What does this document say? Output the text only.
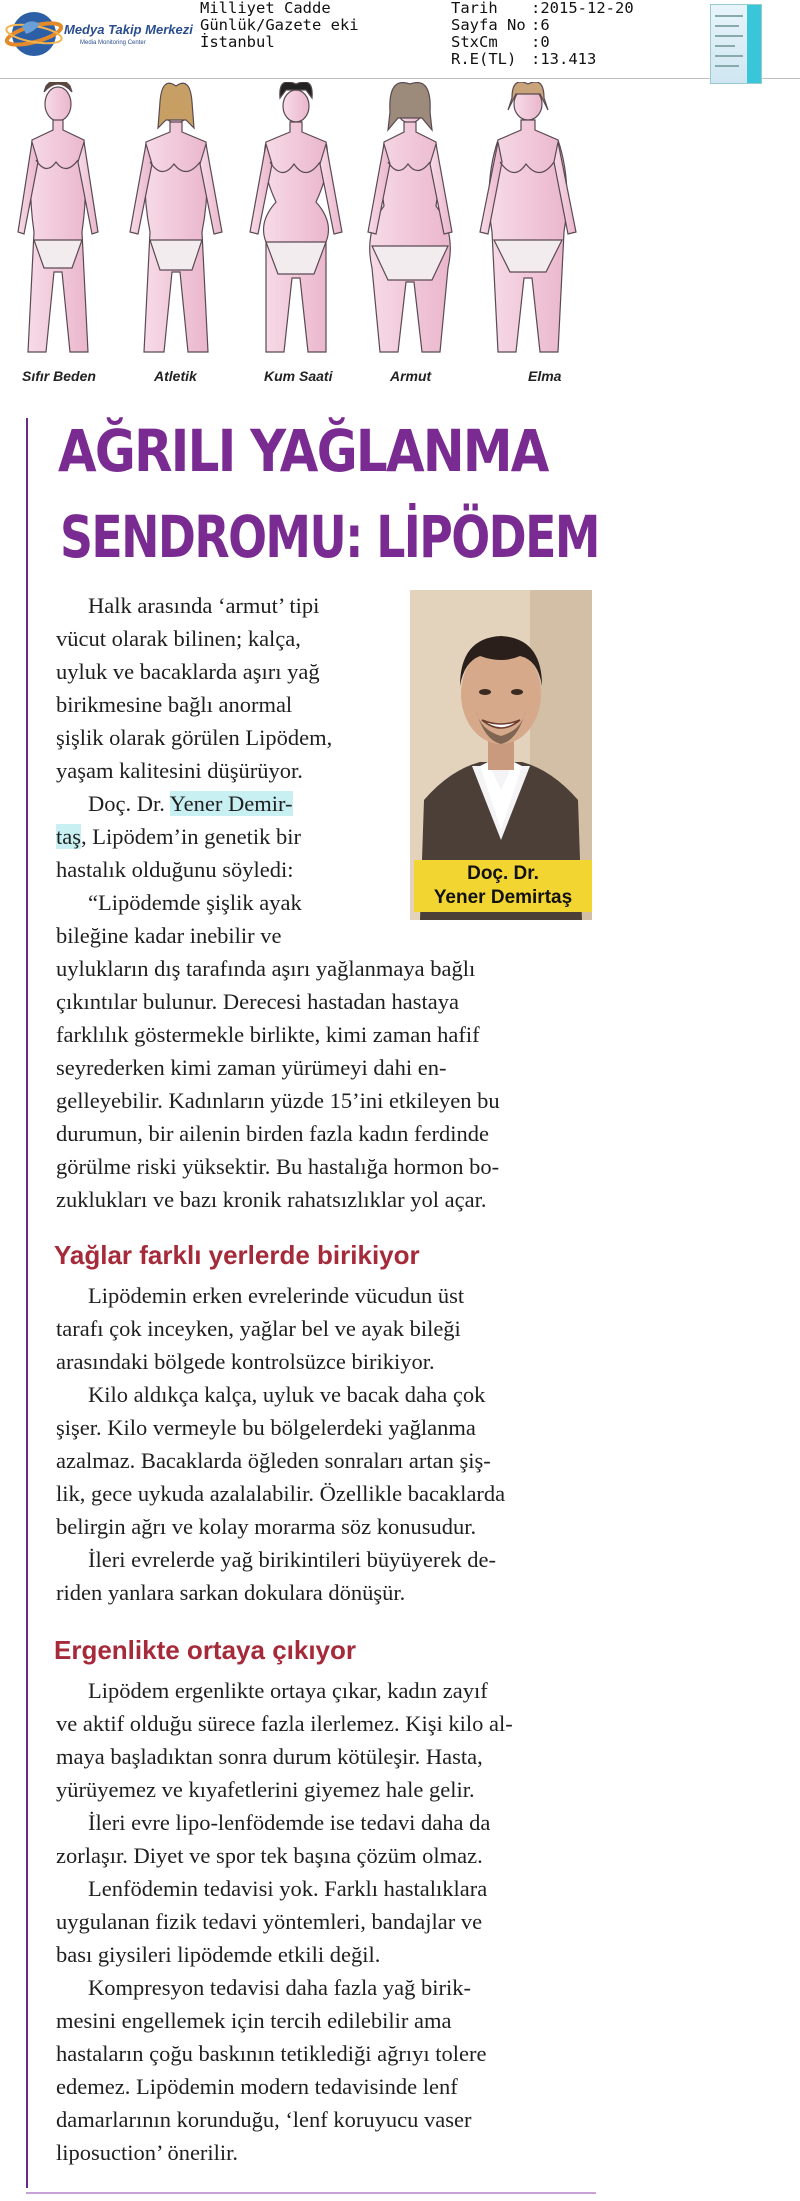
Medya Takip Merkezi
Media Monitoring Center
Milliyet Cadde
Günlük/Gazete eki
İstanbul
Tarih	:2015-12-20
Sayfa No :6
StxCm	:0
R.E(TL) :13.413
Sıfır Beden	Atletik	Kum Saati	Armut	Elma
AĞRILI YAĞLANMA
SENDROMU: LİPÖDEM
Doç. Dr.
Yener Demirtaş
Halk arasında ‘armut’ tipi
vücut olarak bilinen; kalça,
uyluk ve bacaklarda aşırı yağ
birikmesine bağlı anormal
şişlik olarak görülen Lipödem,
yaşam kalitesini düşürüyor.
Doç. Dr. Yener Demir-
taş, Lipödem’in genetik bir
hastalık olduğunu söyledi:
“Lipödemde şişlik ayak
bileğine kadar inebilir ve
uylukların dış tarafında aşırı yağlanmaya bağlı
çıkıntılar bulunur. Derecesi hastadan hastaya
farklılık göstermekle birlikte, kimi zaman hafif
seyrederken kimi zaman yürümeyi dahi en-
gelleyebilir. Kadınların yüzde 15’ini etkileyen bu
durumun, bir ailenin birden fazla kadın ferdinde
görülme riski yüksektir. Bu hastalığa hormon bo-
zuklukları ve bazı kronik rahatsızlıklar yol açar.
Yağlar farklı yerlerde birikiyor
Lipödemin erken evrelerinde vücudun üst
tarafı çok inceyken, yağlar bel ve ayak bileği
arasındaki bölgede kontrolsüzce birikiyor.
Kilo aldıkça kalça, uyluk ve bacak daha çok
şişer. Kilo vermeyle bu bölgelerdeki yağlanma
azalmaz. Bacaklarda öğleden sonraları artan şiş-
lik, gece uykuda azalalabilir. Özellikle bacaklarda
belirgin ağrı ve kolay morarma söz konusudur.
İleri evrelerde yağ birikintileri büyüyerek de-
riden yanlara sarkan dokulara dönüşür.
Ergenlikte ortaya çıkıyor
Lipödem ergenlikte ortaya çıkar, kadın zayıf
ve aktif olduğu sürece fazla ilerlemez. Kişi kilo al-
maya başladıktan sonra durum kötüleşir. Hasta,
yürüyemez ve kıyafetlerini giyemez hale gelir.
İleri evre lipo-lenfödemde ise tedavi daha da
zorlaşır. Diyet ve spor tek başına çözüm olmaz.
Lenfödemin tedavisi yok. Farklı hastalıklara
uygulanan fizik tedavi yöntemleri, bandajlar ve
bası giysileri lipödemde etkili değil.
Kompresyon tedavisi daha fazla yağ birik-
mesini engellemek için tercih edilebilir ama
hastaların çoğu baskının tetiklediği ağrıyı tolere
edemez. Lipödemin modern tedavisinde lenf
damarlarının korunduğu, ‘lenf koruyucu vaser
liposuction’ önerilir.
